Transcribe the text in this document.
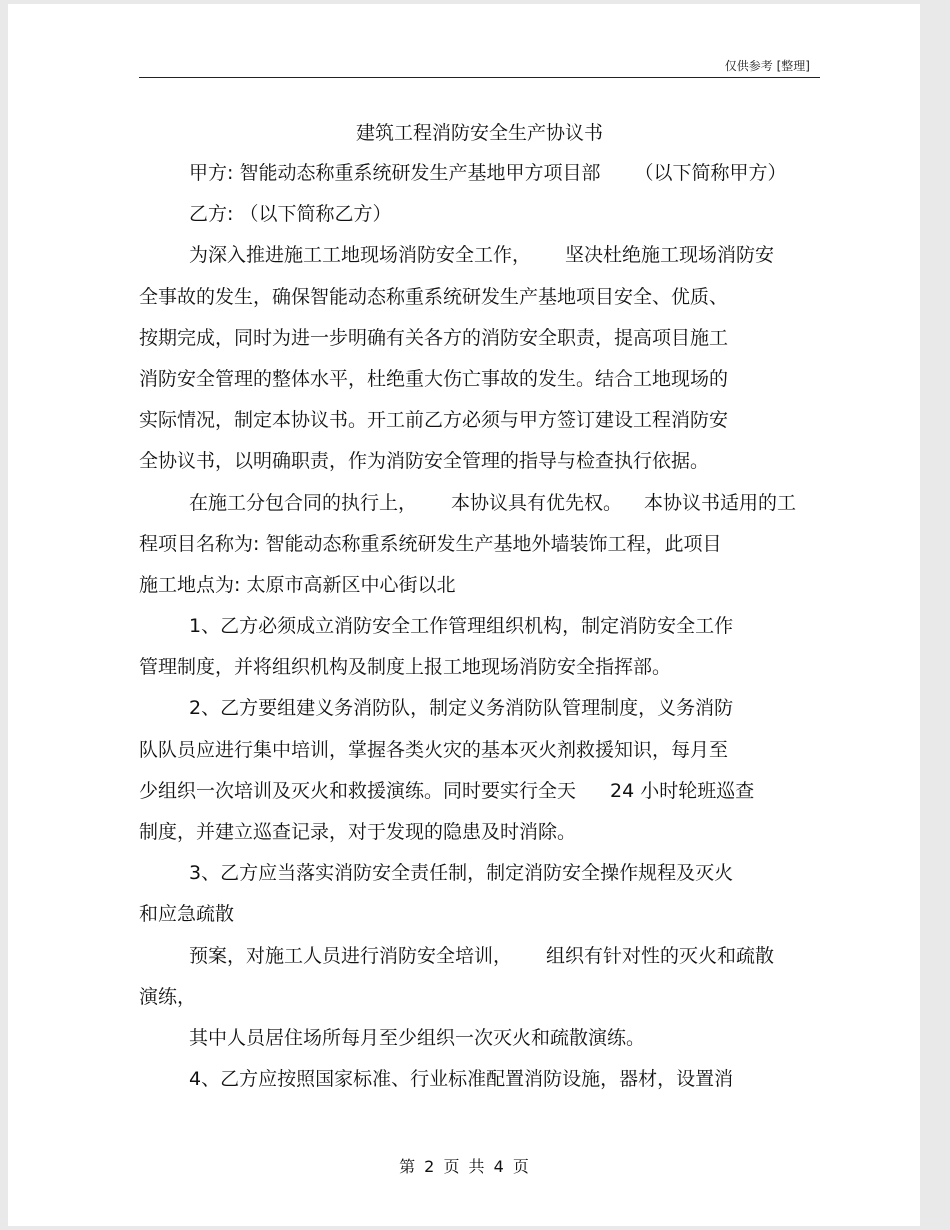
仅供参考 [整理]
建筑工程消防安全生产协议书
甲方: 智能动态称重系统研发生产基地甲方项目部 （以下简称甲方）
乙方: （以下简称乙方）
为深入推进施工工地现场消防安全工作， 坚决杜绝施工现场消防安
全事故的发生，确保智能动态称重系统研发生产基地项目安全、优质、
按期完成，同时为进一步明确有关各方的消防安全职责，提高项目施工
消防安全管理的整体水平，杜绝重大伤亡事故的发生。结合工地现场的
实际情况，制定本协议书。开工前乙方必须与甲方签订建设工程消防安
全协议书，以明确职责，作为消防安全管理的指导与检查执行依据。
在施工分包合同的执行上， 本协议具有优先权。 本协议书适用的工
程项目名称为: 智能动态称重系统研发生产基地外墙装饰工程，此项目
施工地点为: 太原市高新区中心街以北
1、乙方必须成立消防安全工作管理组织机构，制定消防安全工作
管理制度，并将组织机构及制度上报工地现场消防安全指挥部。
2、乙方要组建义务消防队，制定义务消防队管理制度，义务消防
队队员应进行集中培训，掌握各类火灾的基本灭火剂救援知识，每月至
少组织一次培训及灭火和救援演练。同时要实行全天 24 小时轮班巡查
制度，并建立巡查记录，对于发现的隐患及时消除。
3、乙方应当落实消防安全责任制，制定消防安全操作规程及灭火
和应急疏散
预案，对施工人员进行消防安全培训， 组织有针对性的灭火和疏散
演练，
其中人员居住场所每月至少组织一次灭火和疏散演练。
4、乙方应按照国家标准、行业标准配置消防设施，器材，设置消
第 2 页 共 4 页
